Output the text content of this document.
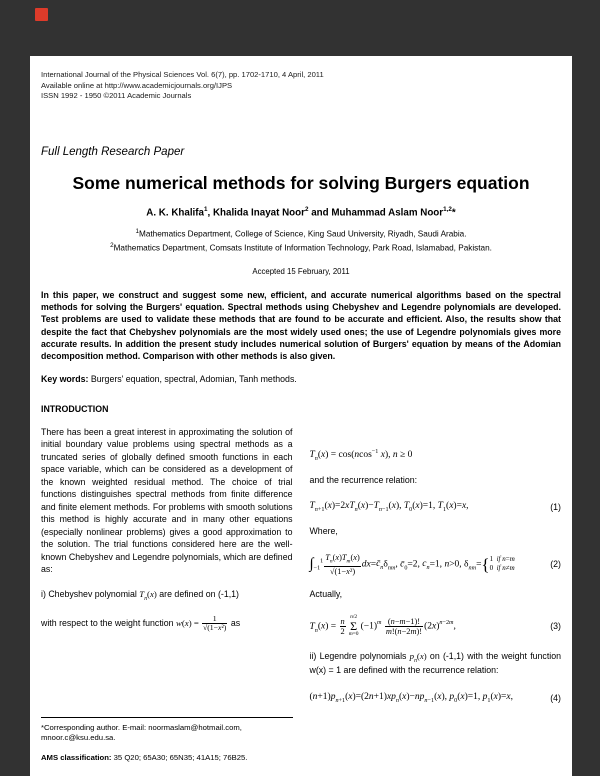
International Journal of the Physical Sciences Vol. 6(7), pp. 1702-1710, 4 April, 2011
Available online at http://www.academicjournals.org/IJPS
ISSN 1992 - 1950 ©2011 Academic Journals
Full Length Research Paper
Some numerical methods for solving Burgers equation
A. K. Khalifa$^1$, Khalida Inayat Noor$^2$ and Muhammad Aslam Noor$^{1,2}$*
$^1$Mathematics Department, College of Science, King Saud University, Riyadh, Saudi Arabia.
$^2$Mathematics Department, Comsats Institute of Information Technology, Park Road, Islamabad, Pakistan.
Accepted 15 February, 2011

In this paper, we construct and suggest some new, efficient, and accurate numerical algorithms based on the spectral methods for solving the Burgers' equation. Spectral methods using Chebyshev and Legendre polynomials are developed. Test problems are used to validate these methods that are found to be accurate and efficient. Also, the results show that despite the fact that Chebyshev polynomials are the most widely used ones; the use of Legendre polynomials gives more accurate results. In addition the present study includes numerical solution of Burgers' equation by means of the Adomian decomposition method. Comparison with other methods is also given.

Key words: Burgers' equation, spectral, Adomian, Tanh methods.

INTRODUCTION

There has been a great interest in approximating the solution of initial boundary value problems using spectral methods as a truncated series of globally defined smooth functions in each space variable, which can be considered as a development of the known weighted residual method. The choice of trial functions distinguishes spectral methods from finite difference and finite element methods. For problems with smooth solutions this method is highly accurate and in many other equations (especially nonlinear problems) gives a good approximation to the solution. The trial functions considered here are the well-known Chebyshev and Legendre polynomials, which are defined as:

i) Chebyshev polynomial $T_n(x)$ are defined on (-1,1)

with respect to the weight function $w(x) = \frac{1}{\text{√(1−x²)}}$ as

*Corresponding author. E-mail: noormaslam@hotmail.com, mnoor.c@ksu.edu.sa.

AMS classification: 35 Q20; 65A30; 65N35; 41A15; 76B25.

$T_n(x) = \cos(ncos^{-1}$ x), n ≥ 0

and the recurrence relation:

$T_{n+1}(x)=2xT_n(x)-T_{n-1}(x)$, $T_0(x)=1$, $T_1(x)=x$,	(1)

Where,

$\int_{-1}^1 \frac{T_n(x)T_m(x)}{\text{√(1−x²)}}$ $dx=c̄_n\delta_{nm}$, $c̄_0=2$, $c_n=1$, n>0, $\delta_{nm}=$ { 1  if n=m
0  if n≠m	(2)

Actually,

$T_n(x) = \frac{n}{2} n/2$
Σ
m=0
$(-1)^m \frac{(n-m-1)!}{m!(n-2m)!} (2x)^{n-2m}$,	(3)

ii) Legendre polynomials $p_n(x)$ on (-1,1) with the weight function w(x) = 1 are defined with the recurrence relation:

$(n+1)p_{n+1}(x)=(2n+1)xp_n(x)-np_{n-1}(x)$, $p_0(x)=1$, $p_1(x)=x$,	(4)
